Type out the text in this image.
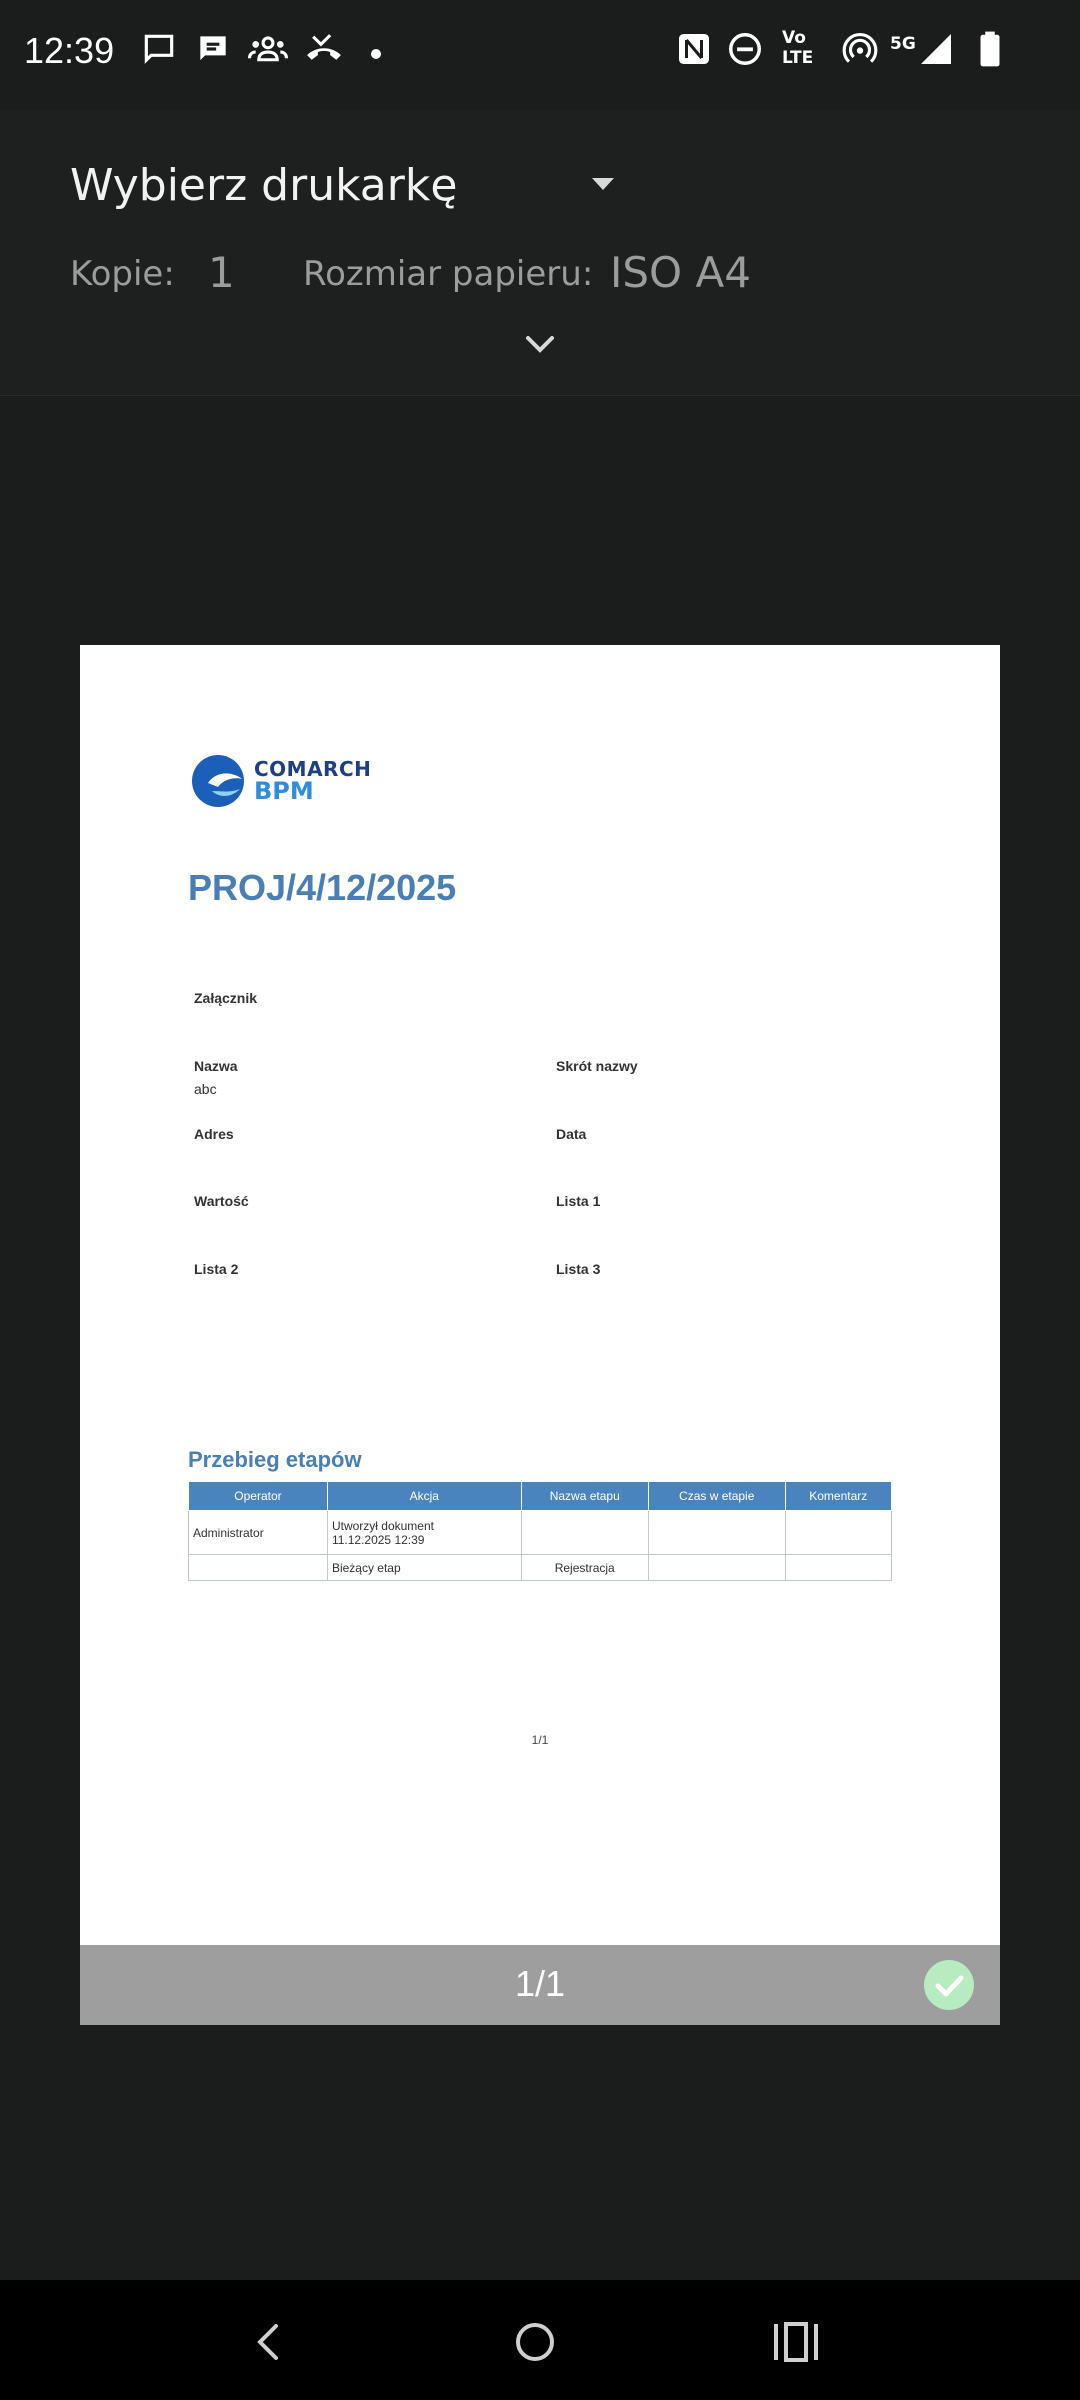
12:39	Vo
LTE
5G
Wybierz drukarkę
Kopie: 1 Rozmiar papieru: ISO A4
COMARCH
BPM
PROJ/4/12/2025
Załącznik
Nazwa
abc
Skrót nazwy
Adres	Data
Wartość	Lista 1
Lista 2	Lista 3
Przebieg etapów
Operator	Akcja	Nazwa etapu	Czas w etapie	Komentarz
Administrator	Utworzył dokument
11.12.2025 12:39			

	Bieżący etap	Rejestracja		
1/1
1/1
